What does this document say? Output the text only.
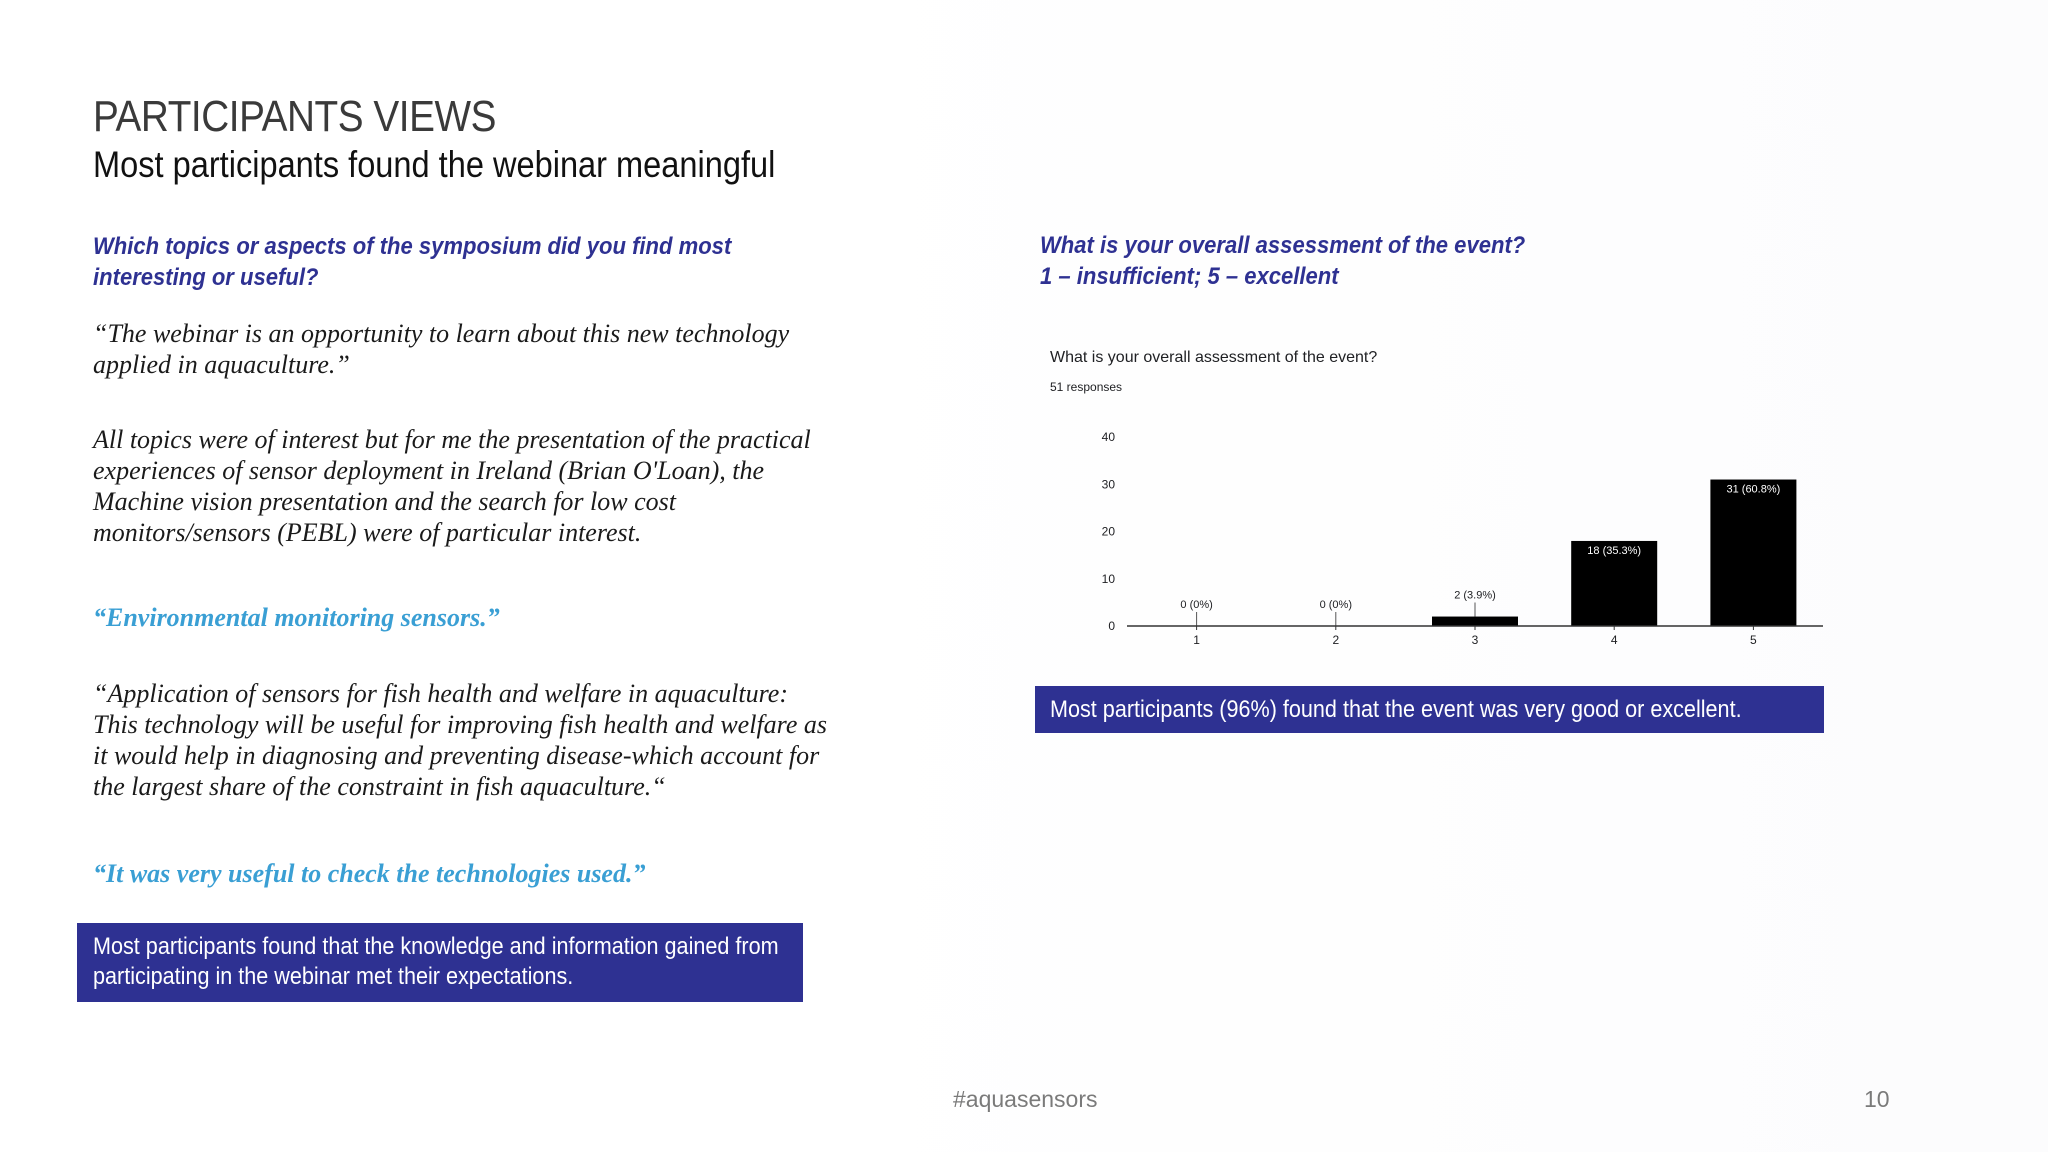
PARTICIPANTS VIEWS
Most participants found the webinar meaningful
Which topics or aspects of the symposium did you find most
interesting or useful?
“The webinar is an opportunity to learn about this new technology applied in aquaculture.”
All topics were of interest but for me the presentation of the practical experiences of sensor deployment in Ireland (Brian O'Loan), the Machine vision presentation and the search for low cost monitors/sensors (PEBL) were of particular interest.
“Environmental monitoring sensors.”
“Application of sensors for fish health and welfare in aquaculture: This technology will be useful for improving fish health and welfare as it would help in diagnosing and preventing disease-which account for the largest share of the constraint in fish aquaculture.“
“It was very useful to check the technologies used.”
Most participants found that the knowledge and information gained from
participating in the webinar met their expectations.
What is your overall assessment of the event?
1 – insufficient; 5 – excellent
What is your overall assessment of the event?
51 responses
0
10
20
30
40
0 (0%)	0 (0%)
2 (3.9%)
18 (35.3%)
31 (60.8%)
1	2	3	4	5
Most participants (96%) found that the event was very good or excellent.
#aquasensors	10
